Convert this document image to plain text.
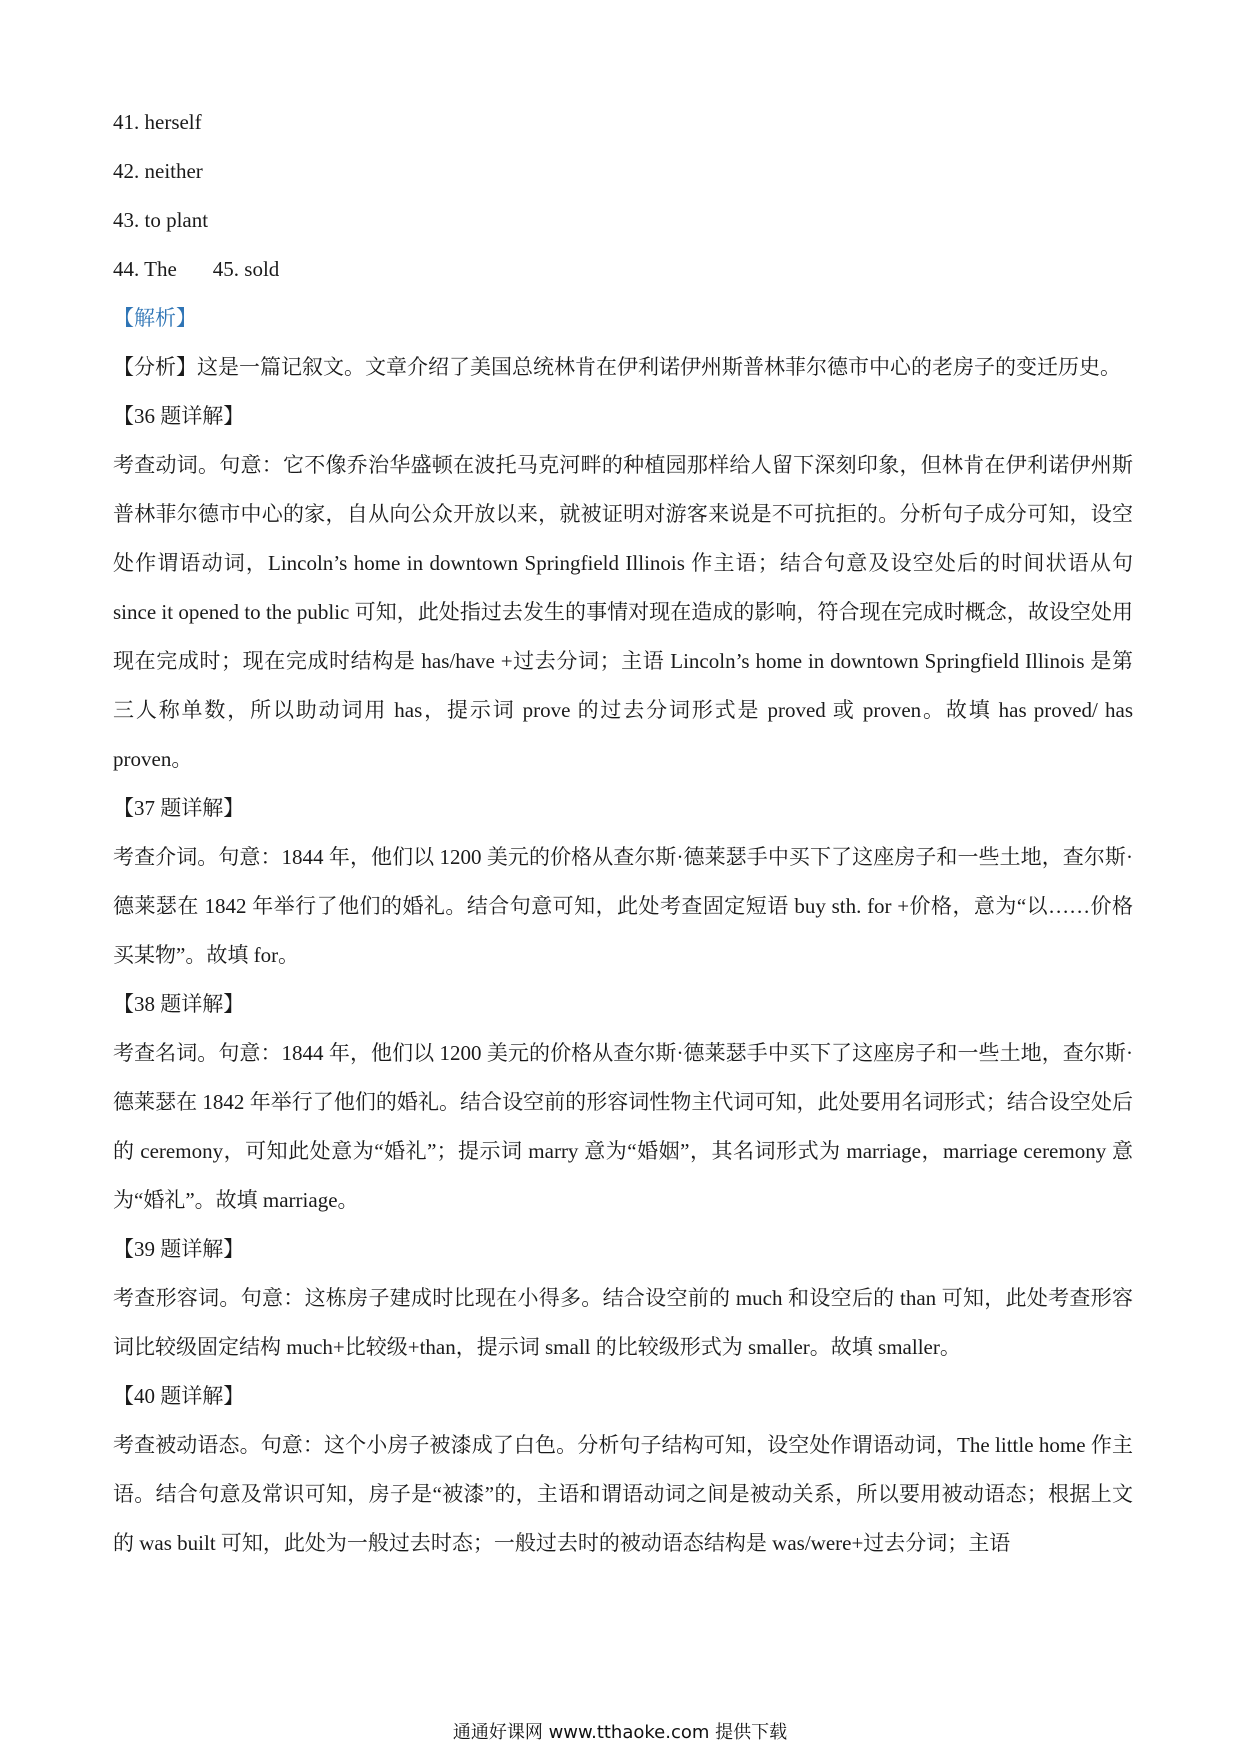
41. herself
42. neither
43. to plant
44. The 45. sold
【解析】
【分析】这是一篇记叙文。文章介绍了美国总统林肯在伊利诺伊州斯普林菲尔德市中心的老房子的变迁历史。
【36 题详解】
考查动词。句意：它不像乔治华盛顿在波托马克河畔的种植园那样给人留下深刻印象，但林肯在伊利诺伊州斯普林菲尔德市中心的家，自从向公众开放以来，就被证明对游客来说是不可抗拒的。分析句子成分可知，设空处作谓语动词，Lincoln’s home in downtown Springfield Illinois 作主语；结合句意及设空处后的时间状语从句 since it opened to the public 可知，此处指过去发生的事情对现在造成的影响，符合现在完成时概念，故设空处用现在完成时；现在完成时结构是 has/have +过去分词；主语 Lincoln’s home in downtown Springfield Illinois 是第三人称单数，所以助动词用 has，提示词 prove 的过去分词形式是 proved 或 proven。故填 has proved/ has proven。
【37 题详解】
考查介词。句意：1844 年，他们以 1200 美元的价格从查尔斯·德莱瑟手中买下了这座房子和一些土地，查尔斯·德莱瑟在 1842 年举行了他们的婚礼。结合句意可知，此处考查固定短语 buy sth. for +价格，意为“以……价格买某物”。故填 for。
【38 题详解】
考查名词。句意：1844 年，他们以 1200 美元的价格从查尔斯·德莱瑟手中买下了这座房子和一些土地，查尔斯·德莱瑟在 1842 年举行了他们的婚礼。结合设空前的形容词性物主代词可知，此处要用名词形式；结合设空处后的 ceremony，可知此处意为“婚礼”；提示词 marry 意为“婚姻”，其名词形式为 marriage，marriage ceremony 意为“婚礼”。故填 marriage。
【39 题详解】
考查形容词。句意：这栋房子建成时比现在小得多。结合设空前的 much 和设空后的 than 可知，此处考查形容词比较级固定结构 much+比较级+than，提示词 small 的比较级形式为 smaller。故填 smaller。
【40 题详解】
考查被动语态。句意：这个小房子被漆成了白色。分析句子结构可知，设空处作谓语动词，The little home 作主语。结合句意及常识可知，房子是“被漆”的，主语和谓语动词之间是被动关系，所以要用被动语态；根据上文的 was built 可知，此处为一般过去时态；一般过去时的被动语态结构是 was/were+过去分词；主语
通通好课网 www.tthaoke.com 提供下载
